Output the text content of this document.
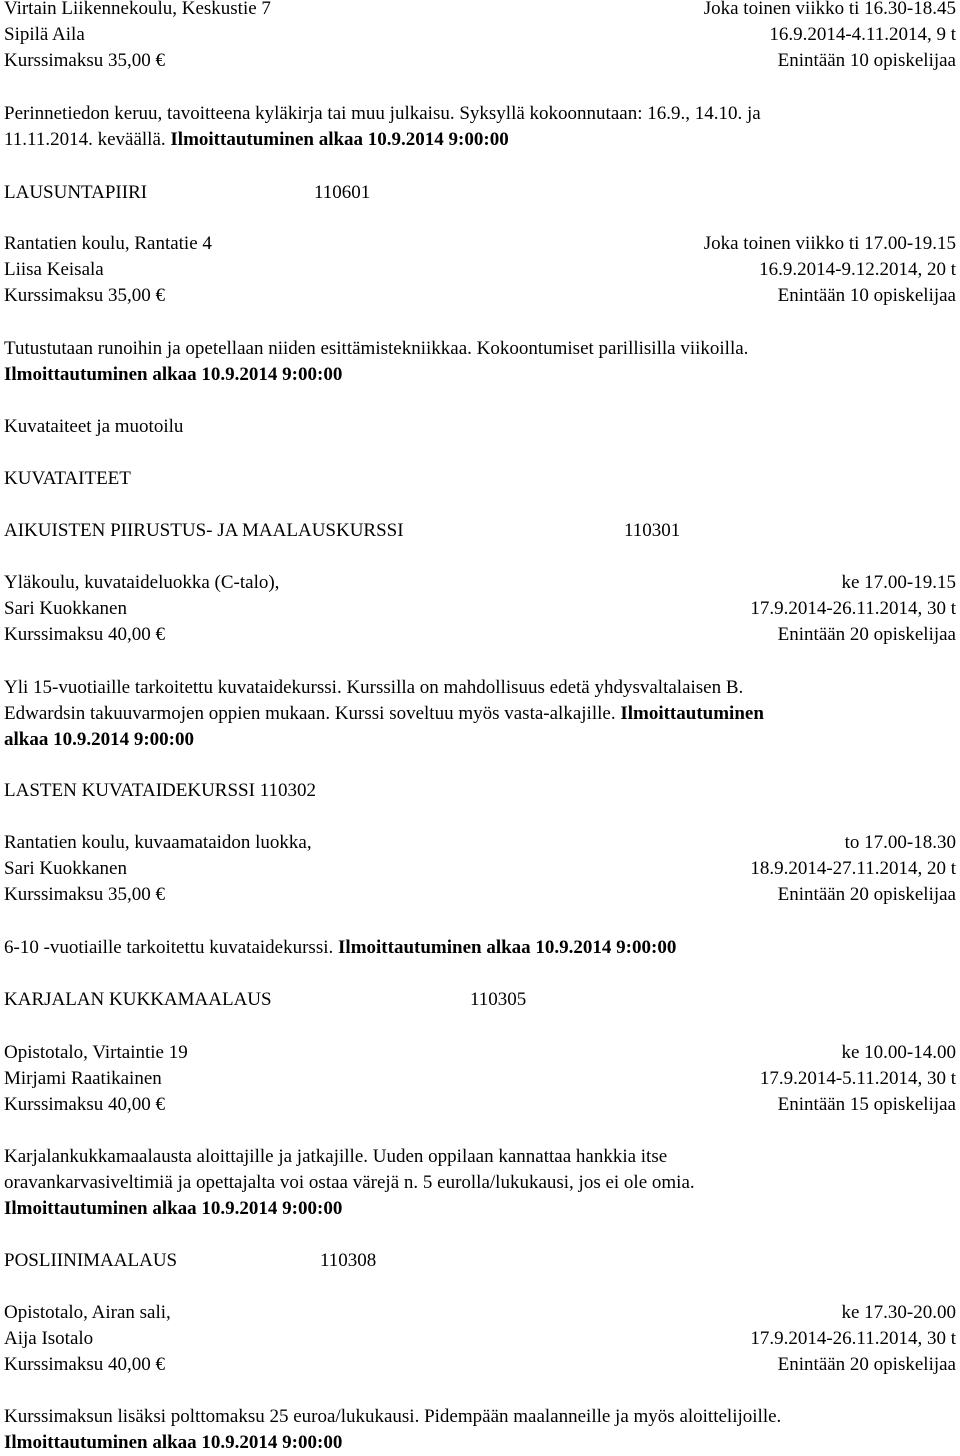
Virtain Liikennekoulu, Keskustie 7	Joka toinen viikko ti 16.30-18.45
Sipilä Aila	16.9.2014-4.11.2014, 9 t
Kurssimaksu 35,00 €	Enintään 10 opiskelijaa
Perinnetiedon keruu, tavoitteena kyläkirja tai muu julkaisu. Syksyllä kokoonnutaan: 16.9., 14.10. ja
11.11.2014. keväällä. Ilmoittautuminen alkaa 10.9.2014 9:00:00
LAUSUNTAPIIRI	110601
Rantatien koulu, Rantatie 4	Joka toinen viikko ti 17.00-19.15
Liisa Keisala	16.9.2014-9.12.2014, 20 t
Kurssimaksu 35,00 €	Enintään 10 opiskelijaa
Tutustutaan runoihin ja opetellaan niiden esittämistekniikkaa. Kokoontumiset parillisilla viikoilla.
Ilmoittautuminen alkaa 10.9.2014 9:00:00
Kuvataiteet ja muotoilu
KUVATAITEET
AIKUISTEN PIIRUSTUS- JA MAALAUSKURSSI	110301
Yläkoulu, kuvataideluokka (C-talo),	ke 17.00-19.15
Sari Kuokkanen	17.9.2014-26.11.2014, 30 t
Kurssimaksu 40,00 €	Enintään 20 opiskelijaa
Yli 15-vuotiaille tarkoitettu kuvataidekurssi. Kurssilla on mahdollisuus edetä yhdysvaltalaisen B.
Edwardsin takuuvarmojen oppien mukaan. Kurssi soveltuu myös vasta-alkajille. Ilmoittautuminen
alkaa 10.9.2014 9:00:00
LASTEN KUVATAIDEKURSSI 110302
Rantatien koulu, kuvaamataidon luokka,	to 17.00-18.30
Sari Kuokkanen	18.9.2014-27.11.2014, 20 t
Kurssimaksu 35,00 €	Enintään 20 opiskelijaa
6-10 -vuotiaille tarkoitettu kuvataidekurssi. Ilmoittautuminen alkaa 10.9.2014 9:00:00
KARJALAN KUKKAMAALAUS	110305
Opistotalo, Virtaintie 19	ke 10.00-14.00
Mirjami Raatikainen	17.9.2014-5.11.2014, 30 t
Kurssimaksu 40,00 €	Enintään 15 opiskelijaa
Karjalankukkamaalausta aloittajille ja jatkajille. Uuden oppilaan kannattaa hankkia itse
oravankarvasiveltimiä ja opettajalta voi ostaa värejä n. 5 eurolla/lukukausi, jos ei ole omia.
Ilmoittautuminen alkaa 10.9.2014 9:00:00
POSLIINIMAALAUS	110308
Opistotalo, Airan sali,	ke 17.30-20.00
Aija Isotalo	17.9.2014-26.11.2014, 30 t
Kurssimaksu 40,00 €	Enintään 20 opiskelijaa
Kurssimaksun lisäksi polttomaksu 25 euroa/lukukausi. Pidempään maalanneille ja myös aloittelijoille.
Ilmoittautuminen alkaa 10.9.2014 9:00:00
